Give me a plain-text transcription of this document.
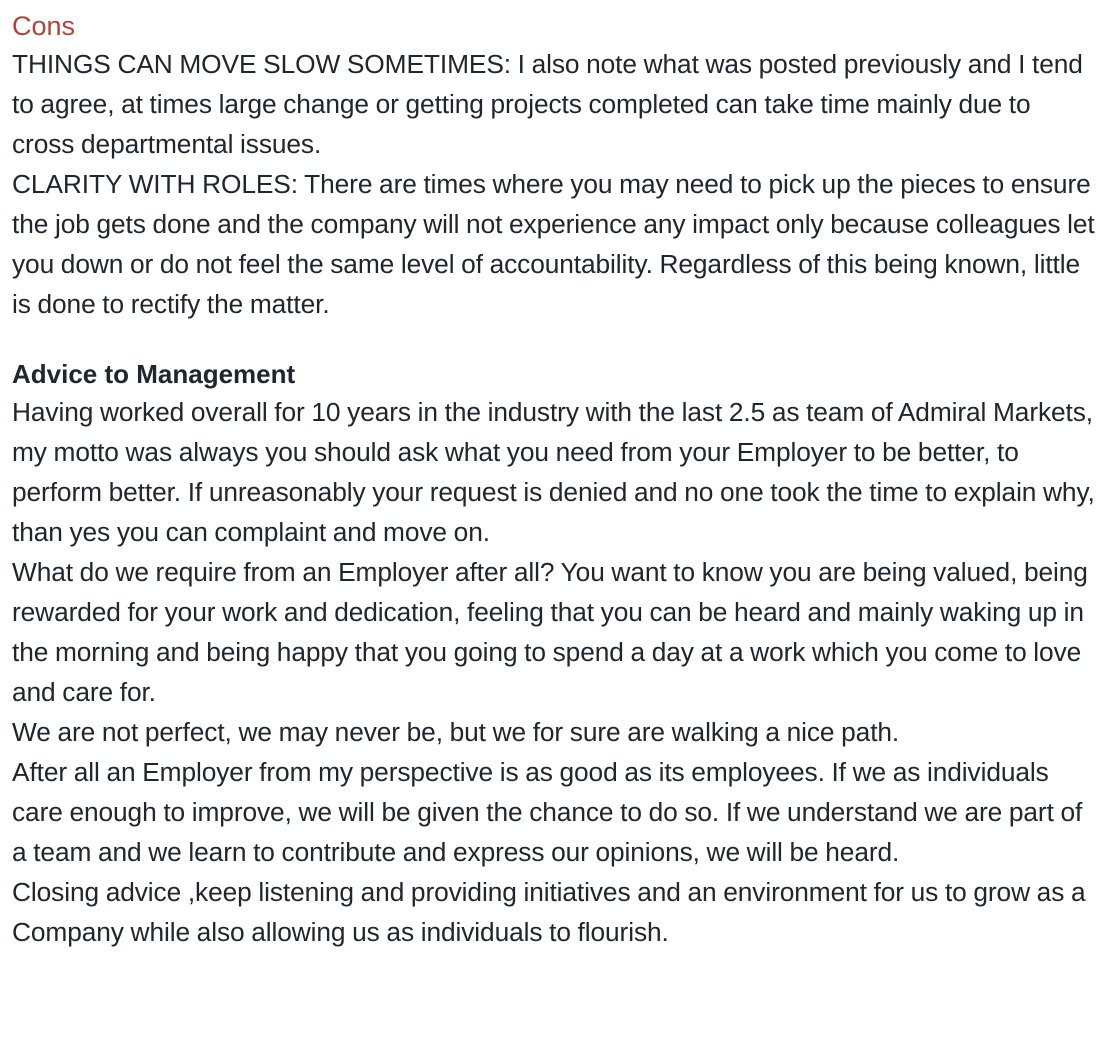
Cons

THINGS CAN MOVE SLOW SOMETIMES: I also note what was posted previously and I tend to agree, at times large change or getting projects completed can take time mainly due to cross departmental issues.

CLARITY WITH ROLES: There are times where you may need to pick up the pieces to ensure the job gets done and the company will not experience any impact only because colleagues let you down or do not feel the same level of accountability. Regardless of this being known, little is done to rectify the matter.

Advice to Management

Having worked overall for 10 years in the industry with the last 2.5 as team of Admiral Markets, my motto was always you should ask what you need from your Employer to be better, to perform better. If unreasonably your request is denied and no one took the time to explain why, than yes you can complaint and move on.

What do we require from an Employer after all? You want to know you are being valued, being rewarded for your work and dedication, feeling that you can be heard and mainly waking up in the morning and being happy that you going to spend a day at a work which you come to love and care for.

We are not perfect, we may never be, but we for sure are walking a nice path.

After all an Employer from my perspective is as good as its employees. If we as individuals care enough to improve, we will be given the chance to do so. If we understand we are part of a team and we learn to contribute and express our opinions, we will be heard.

Closing advice ,keep listening and providing initiatives and an environment for us to grow as a Company while also allowing us as individuals to flourish.
